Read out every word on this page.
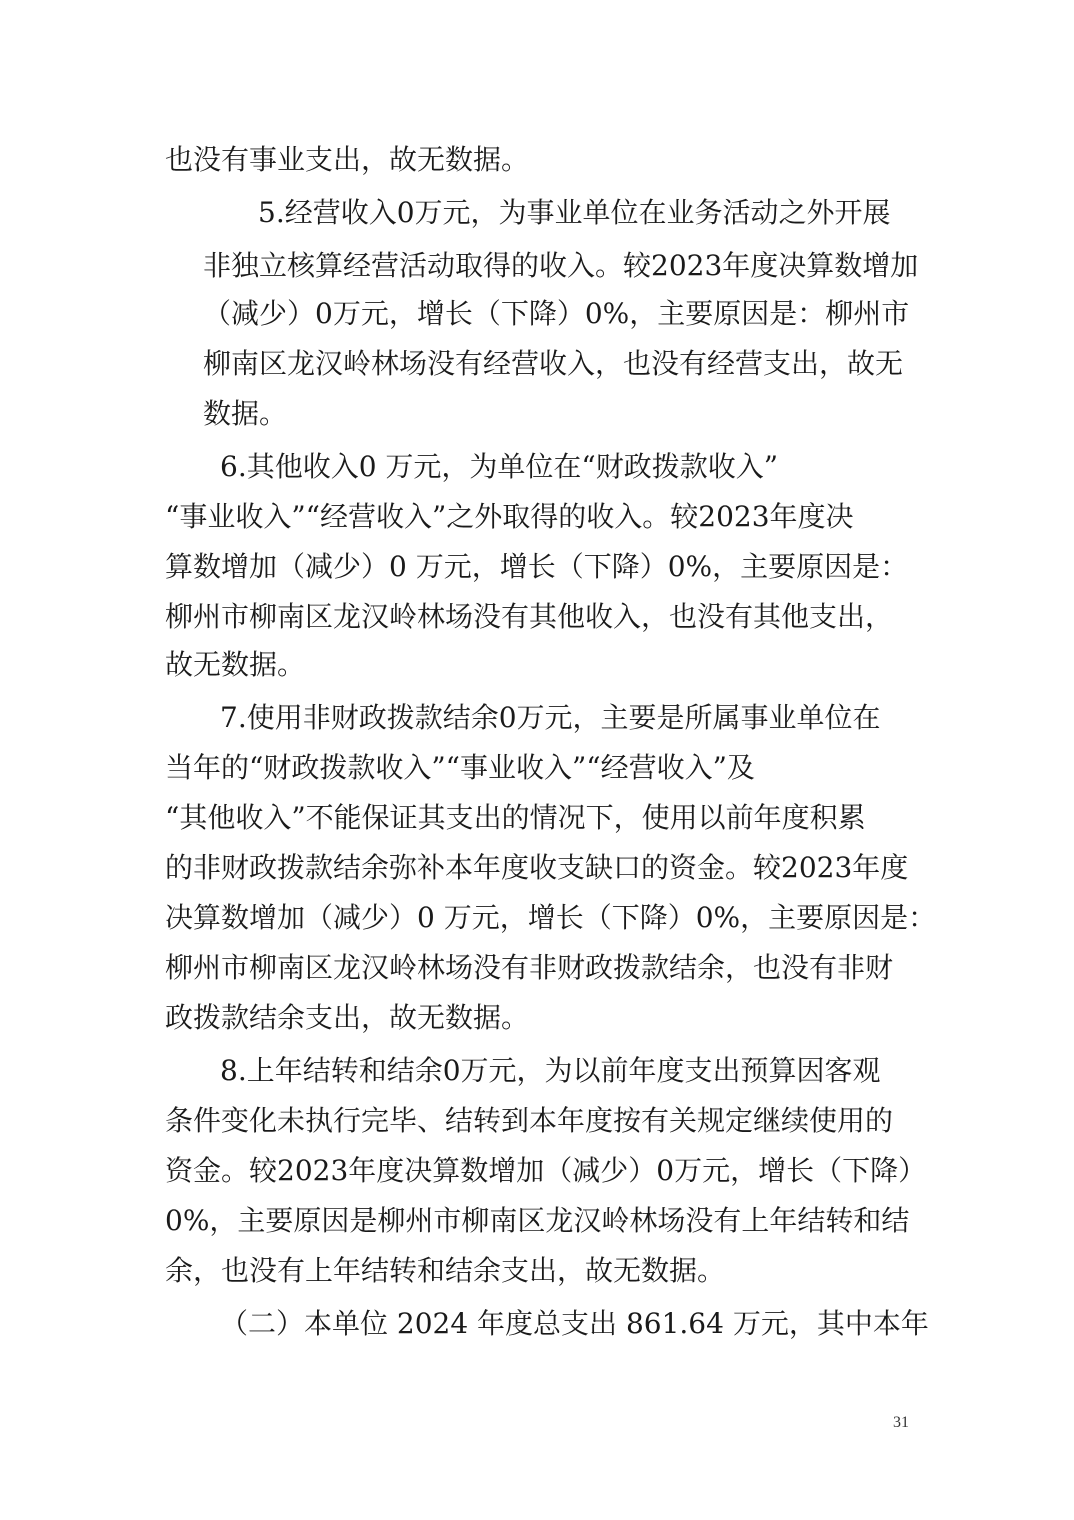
也没有事业支出，故无数据。
5.经营收入0万元，为事业单位在业务活动之外开展
非独立核算经营活动取得的收入。较2023年度决算数增加
（减少）0万元，增长（下降）0%，主要原因是：柳州市
柳南区龙汉岭林场没有经营收入，也没有经营支出，故无
数据。
6.其他收入0 万元，为单位在“财政拨款收入”
“事业收入”“经营收入”之外取得的收入。较2023年度决
算数增加（减少）0 万元，增长（下降）0%，主要原因是：
柳州市柳南区龙汉岭林场没有其他收入，也没有其他支出，
故无数据。
7.使用非财政拨款结余0万元，主要是所属事业单位在
当年的“财政拨款收入”“事业收入”“经营收入”及
“其他收入”不能保证其支出的情况下，使用以前年度积累
的非财政拨款结余弥补本年度收支缺口的资金。较2023年度
决算数增加（减少）0 万元，增长（下降）0%，主要原因是：
柳州市柳南区龙汉岭林场没有非财政拨款结余，也没有非财
政拨款结余支出，故无数据。
8.上年结转和结余0万元，为以前年度支出预算因客观
条件变化未执行完毕、结转到本年度按有关规定继续使用的
资金。较2023年度决算数增加（减少）0万元，增长（下降）
0%，主要原因是柳州市柳南区龙汉岭林场没有上年结转和结
余，也没有上年结转和结余支出，故无数据。
（二）本单位 2024 年度总支出 861.64 万元，其中本年
31
